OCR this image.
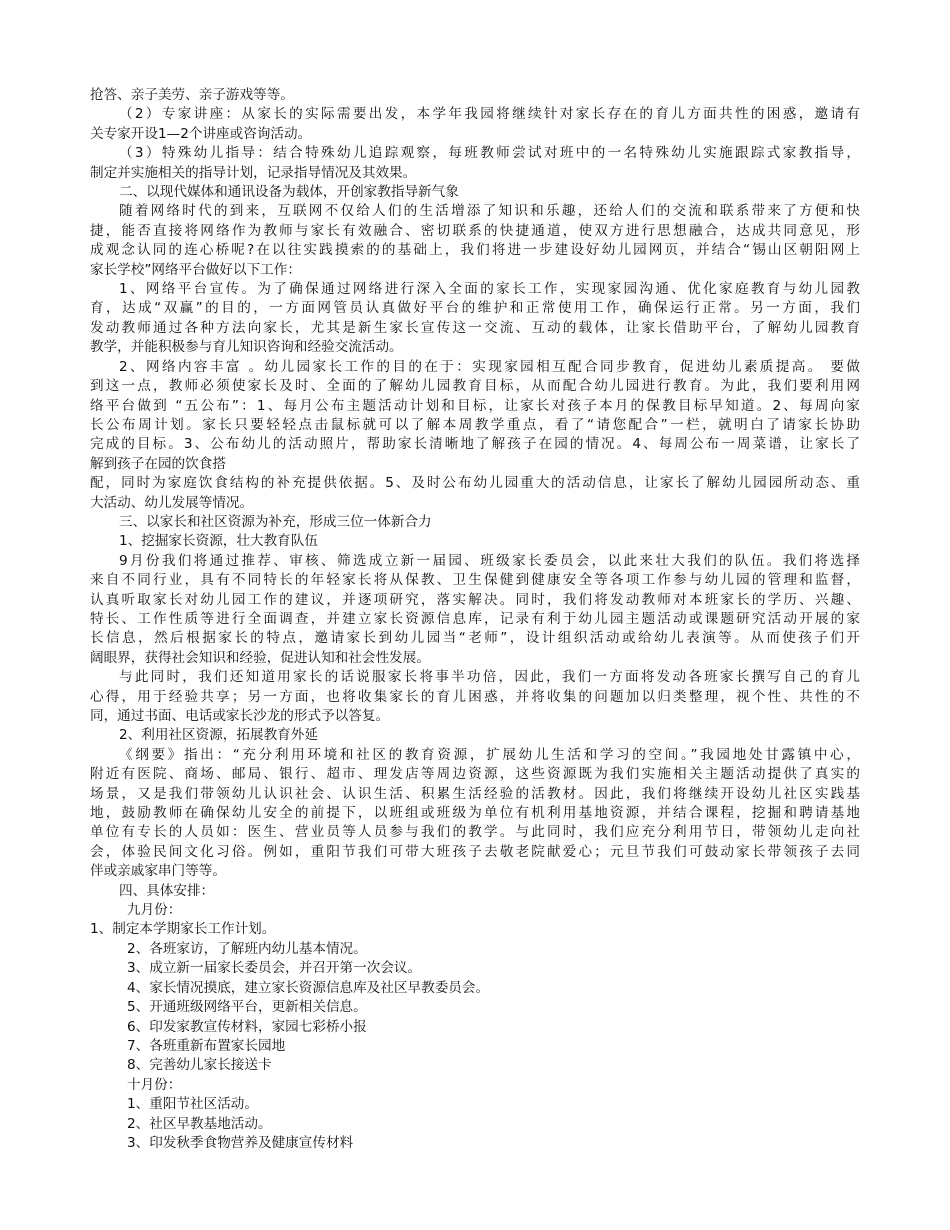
抢答、亲子美劳、亲子游戏等等。
（2）专家讲座：从家长的实际需要出发，本学年我园将继续针对家长存在的育儿方面共性的困惑，邀请有
关专家开设1—2个讲座或咨询活动。
（3）特殊幼儿指导：结合特殊幼儿追踪观察，每班教师尝试对班中的一名特殊幼儿实施跟踪式家教指导，
制定并实施相关的指导计划，记录指导情况及其效果。
二、以现代媒体和通讯设备为载体，开创家教指导新气象
随着网络时代的到来，互联网不仅给人们的生活增添了知识和乐趣，还给人们的交流和联系带来了方便和快
捷，能否直接将网络作为教师与家长有效融合、密切联系的快捷通道，使双方进行思想融合，达成共同意见，形
成观念认同的连心桥呢?在以往实践摸索的的基础上，我们将进一步建设好幼儿园网页，并结合“锡山区朝阳网上
家长学校”网络平台做好以下工作：
1、网络平台宣传。为了确保通过网络进行深入全面的家长工作，实现家园沟通、优化家庭教育与幼儿园教
育，达成“双赢”的目的，一方面网管员认真做好平台的维护和正常使用工作，确保运行正常。另一方面，我们
发动教师通过各种方法向家长，尤其是新生家长宣传这一交流、互动的载体，让家长借助平台，了解幼儿园教育
教学，并能积极参与育儿知识咨询和经验交流活动。
2、网络内容丰富 。幼儿园家长工作的目的在于：实现家园相互配合同步教育，促进幼儿素质提高。 要做
到这一点，教师必须使家长及时、全面的了解幼儿园教育目标，从而配合幼儿园进行教育。为此，我们要利用网
络平台做到 “五公布”：1、每月公布主题活动计划和目标，让家长对孩子本月的保教目标早知道。2、每周向家
长公布周计划。家长只要轻轻点击鼠标就可以了解本周教学重点，看了“请您配合”一栏，就明白了请家长协助
完成的目标。3、公布幼儿的活动照片，帮助家长清晰地了解孩子在园的情况。4、每周公布一周菜谱，让家长了
解到孩子在园的饮食搭
配，同时为家庭饮食结构的补充提供依据。5、及时公布幼儿园重大的活动信息，让家长了解幼儿园园所动态、重
大活动、幼儿发展等情况。
三、以家长和社区资源为补充，形成三位一体新合力
1、挖掘家长资源，壮大教育队伍
9月份我们将通过推荐、审核、筛选成立新一届园、班级家长委员会，以此来壮大我们的队伍。我们将选择
来自不同行业，具有不同特长的年轻家长将从保教、卫生保健到健康安全等各项工作参与幼儿园的管理和监督，
认真听取家长对幼儿园工作的建议，并逐项研究，落实解决。同时，我们将发动教师对本班家长的学历、兴趣、
特长、工作性质等进行全面调查，并建立家长资源信息库，记录有利于幼儿园主题活动或课题研究活动开展的家
长信息，然后根据家长的特点，邀请家长到幼儿园当“老师”，设计组织活动或给幼儿表演等。从而使孩子们开
阔眼界，获得社会知识和经验，促进认知和社会性发展。
与此同时，我们还知道用家长的话说服家长将事半功倍，因此，我们一方面将发动各班家长撰写自己的育儿
心得，用于经验共享；另一方面，也将收集家长的育儿困惑，并将收集的问题加以归类整理，视个性、共性的不
同，通过书面、电话或家长沙龙的形式予以答复。
2、利用社区资源，拓展教育外延
《纲要》指出：“充分利用环境和社区的教育资源，扩展幼儿生活和学习的空间。”我园地处甘露镇中心，
附近有医院、商场、邮局、银行、超市、理发店等周边资源，这些资源既为我们实施相关主题活动提供了真实的
场景，又是我们带领幼儿认识社会、认识生活、积累生活经验的活教材。因此，我们将继续开设幼儿社区实践基
地，鼓励教师在确保幼儿安全的前提下，以班组或班级为单位有机利用基地资源，并结合课程，挖掘和聘请基地
单位有专长的人员如：医生、营业员等人员参与我们的教学。与此同时，我们应充分利用节日，带领幼儿走向社
会，体验民间文化习俗。例如，重阳节我们可带大班孩子去敬老院献爱心；元旦节我们可鼓动家长带领孩子去同
伴或亲戚家串门等等。
四、具体安排：
九月份：
1、制定本学期家长工作计划。
2、各班家访，了解班内幼儿基本情况。
3、成立新一届家长委员会，并召开第一次会议。
4、家长情况摸底，建立家长资源信息库及社区早教委员会。
5、开通班级网络平台，更新相关信息。
6、印发家教宣传材料，家园七彩桥小报
7、各班重新布置家长园地
8、完善幼儿家长接送卡
十月份：
1、重阳节社区活动。
2、社区早教基地活动。
3、印发秋季食物营养及健康宣传材料
